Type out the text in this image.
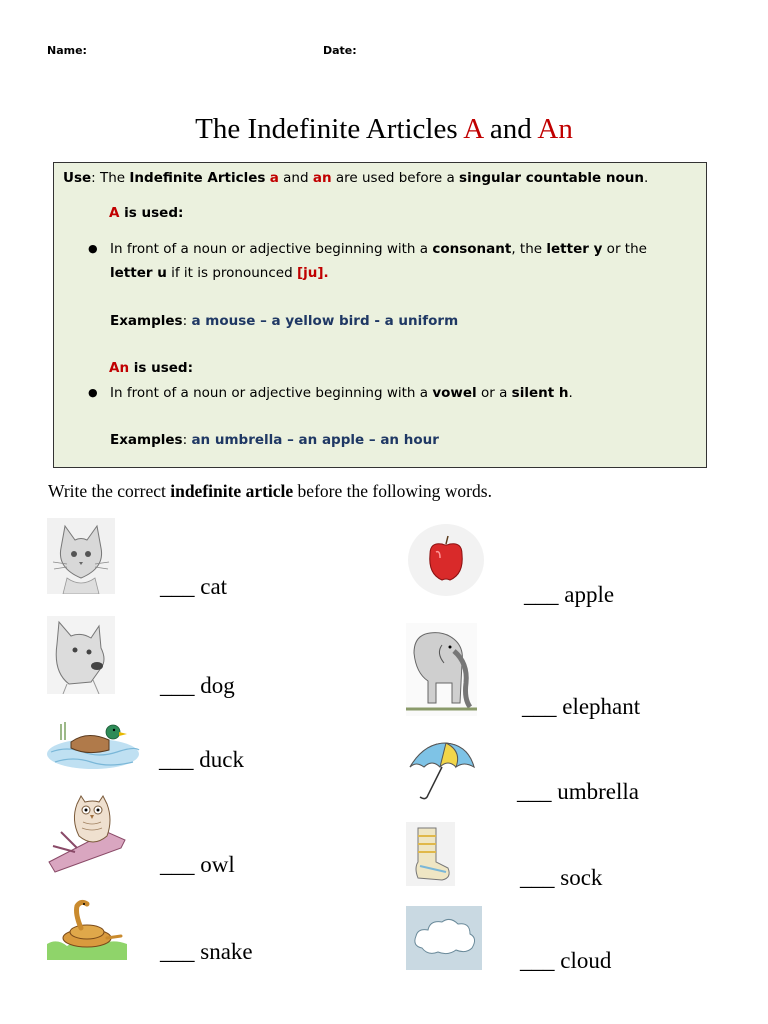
Name:	Date:
The Indefinite Articles A and An
Use: The Indefinite Articles a and an are used before a singular countable noun.
A is used:
● In front of a noun or adjective beginning with a consonant, the letter y or the
letter u if it is pronounced [ju].
Examples: a mouse – a yellow bird - a uniform
An is used:
● In front of a noun or adjective beginning with a vowel or a silent h.
Examples: an umbrella – an apple – an hour
Write the correct indefinite article before the following words.
___ cat
___ dog
___ duck
___ owl
___ snake
___ apple
___ elephant
___ umbrella
___ sock
___ cloud
